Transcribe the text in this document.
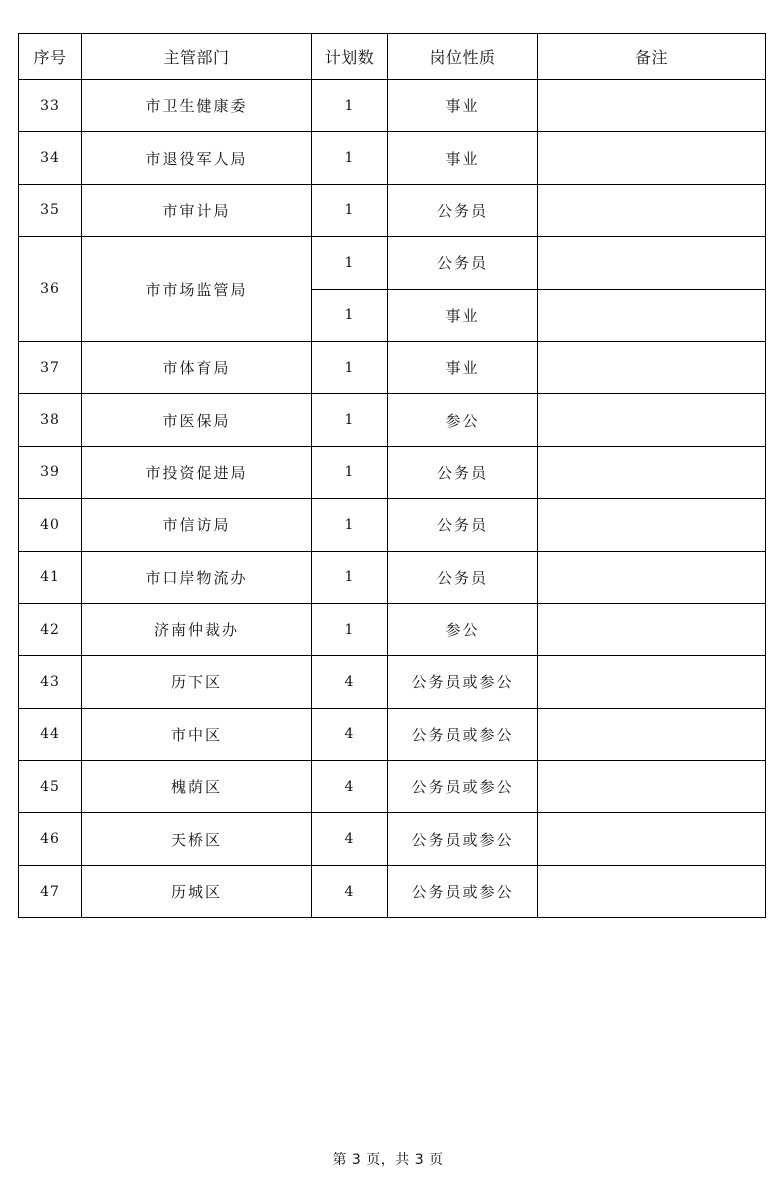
序号	主管部门	计划数	岗位性质	备注
33	市卫生健康委	1	事业	
34	市退役军人局	1	事业	
35	市审计局	1	公务员	
36	市市场监管局	1	公务员	
		1	事业	
37	市体育局	1	事业	
38	市医保局	1	参公	
39	市投资促进局	1	公务员	
40	市信访局	1	公务员	
41	市口岸物流办	1	公务员	
42	济南仲裁办	1	参公	
43	历下区	4	公务员或参公	
44	市中区	4	公务员或参公	
45	槐荫区	4	公务员或参公	
46	天桥区	4	公务员或参公	
47	历城区	4	公务员或参公	
第 3 页，共 3 页
